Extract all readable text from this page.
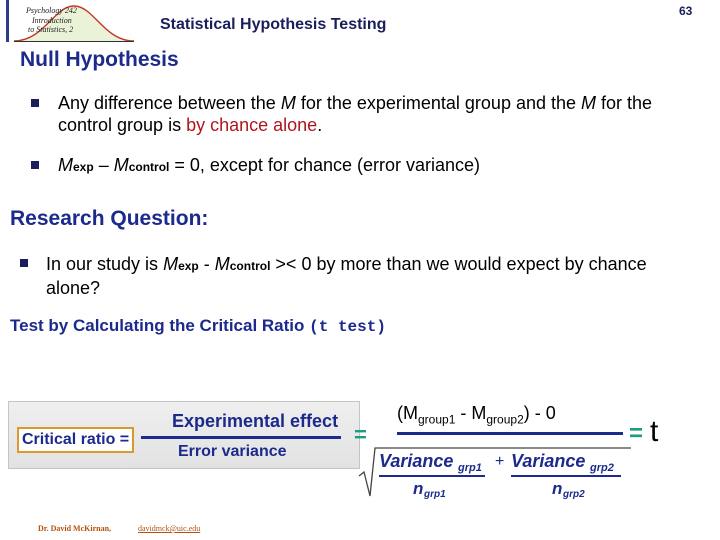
Psychology 242
Introduction
to Statistics, 2	Statistical Hypothesis Testing
63
Null Hypothesis
Any difference between the M for the experimental group and the M for the control group is by chance alone.
Mexp – Mcontrol = 0, except for chance (error variance)
Research Question:
In our study is Mexp - Mcontrol >< 0 by more than we would expect by chance alone?
Test by Calculating the Critical Ratio (t test)
Critical ratio =
Experimental effect
Error variance
=
$(M_{group1} - M_{group2}) - 0$
Variance grp1 + Variance grp2
n grp1	n grp2
= t
Dr. David McKirnan,	davidmck@uic.edu
